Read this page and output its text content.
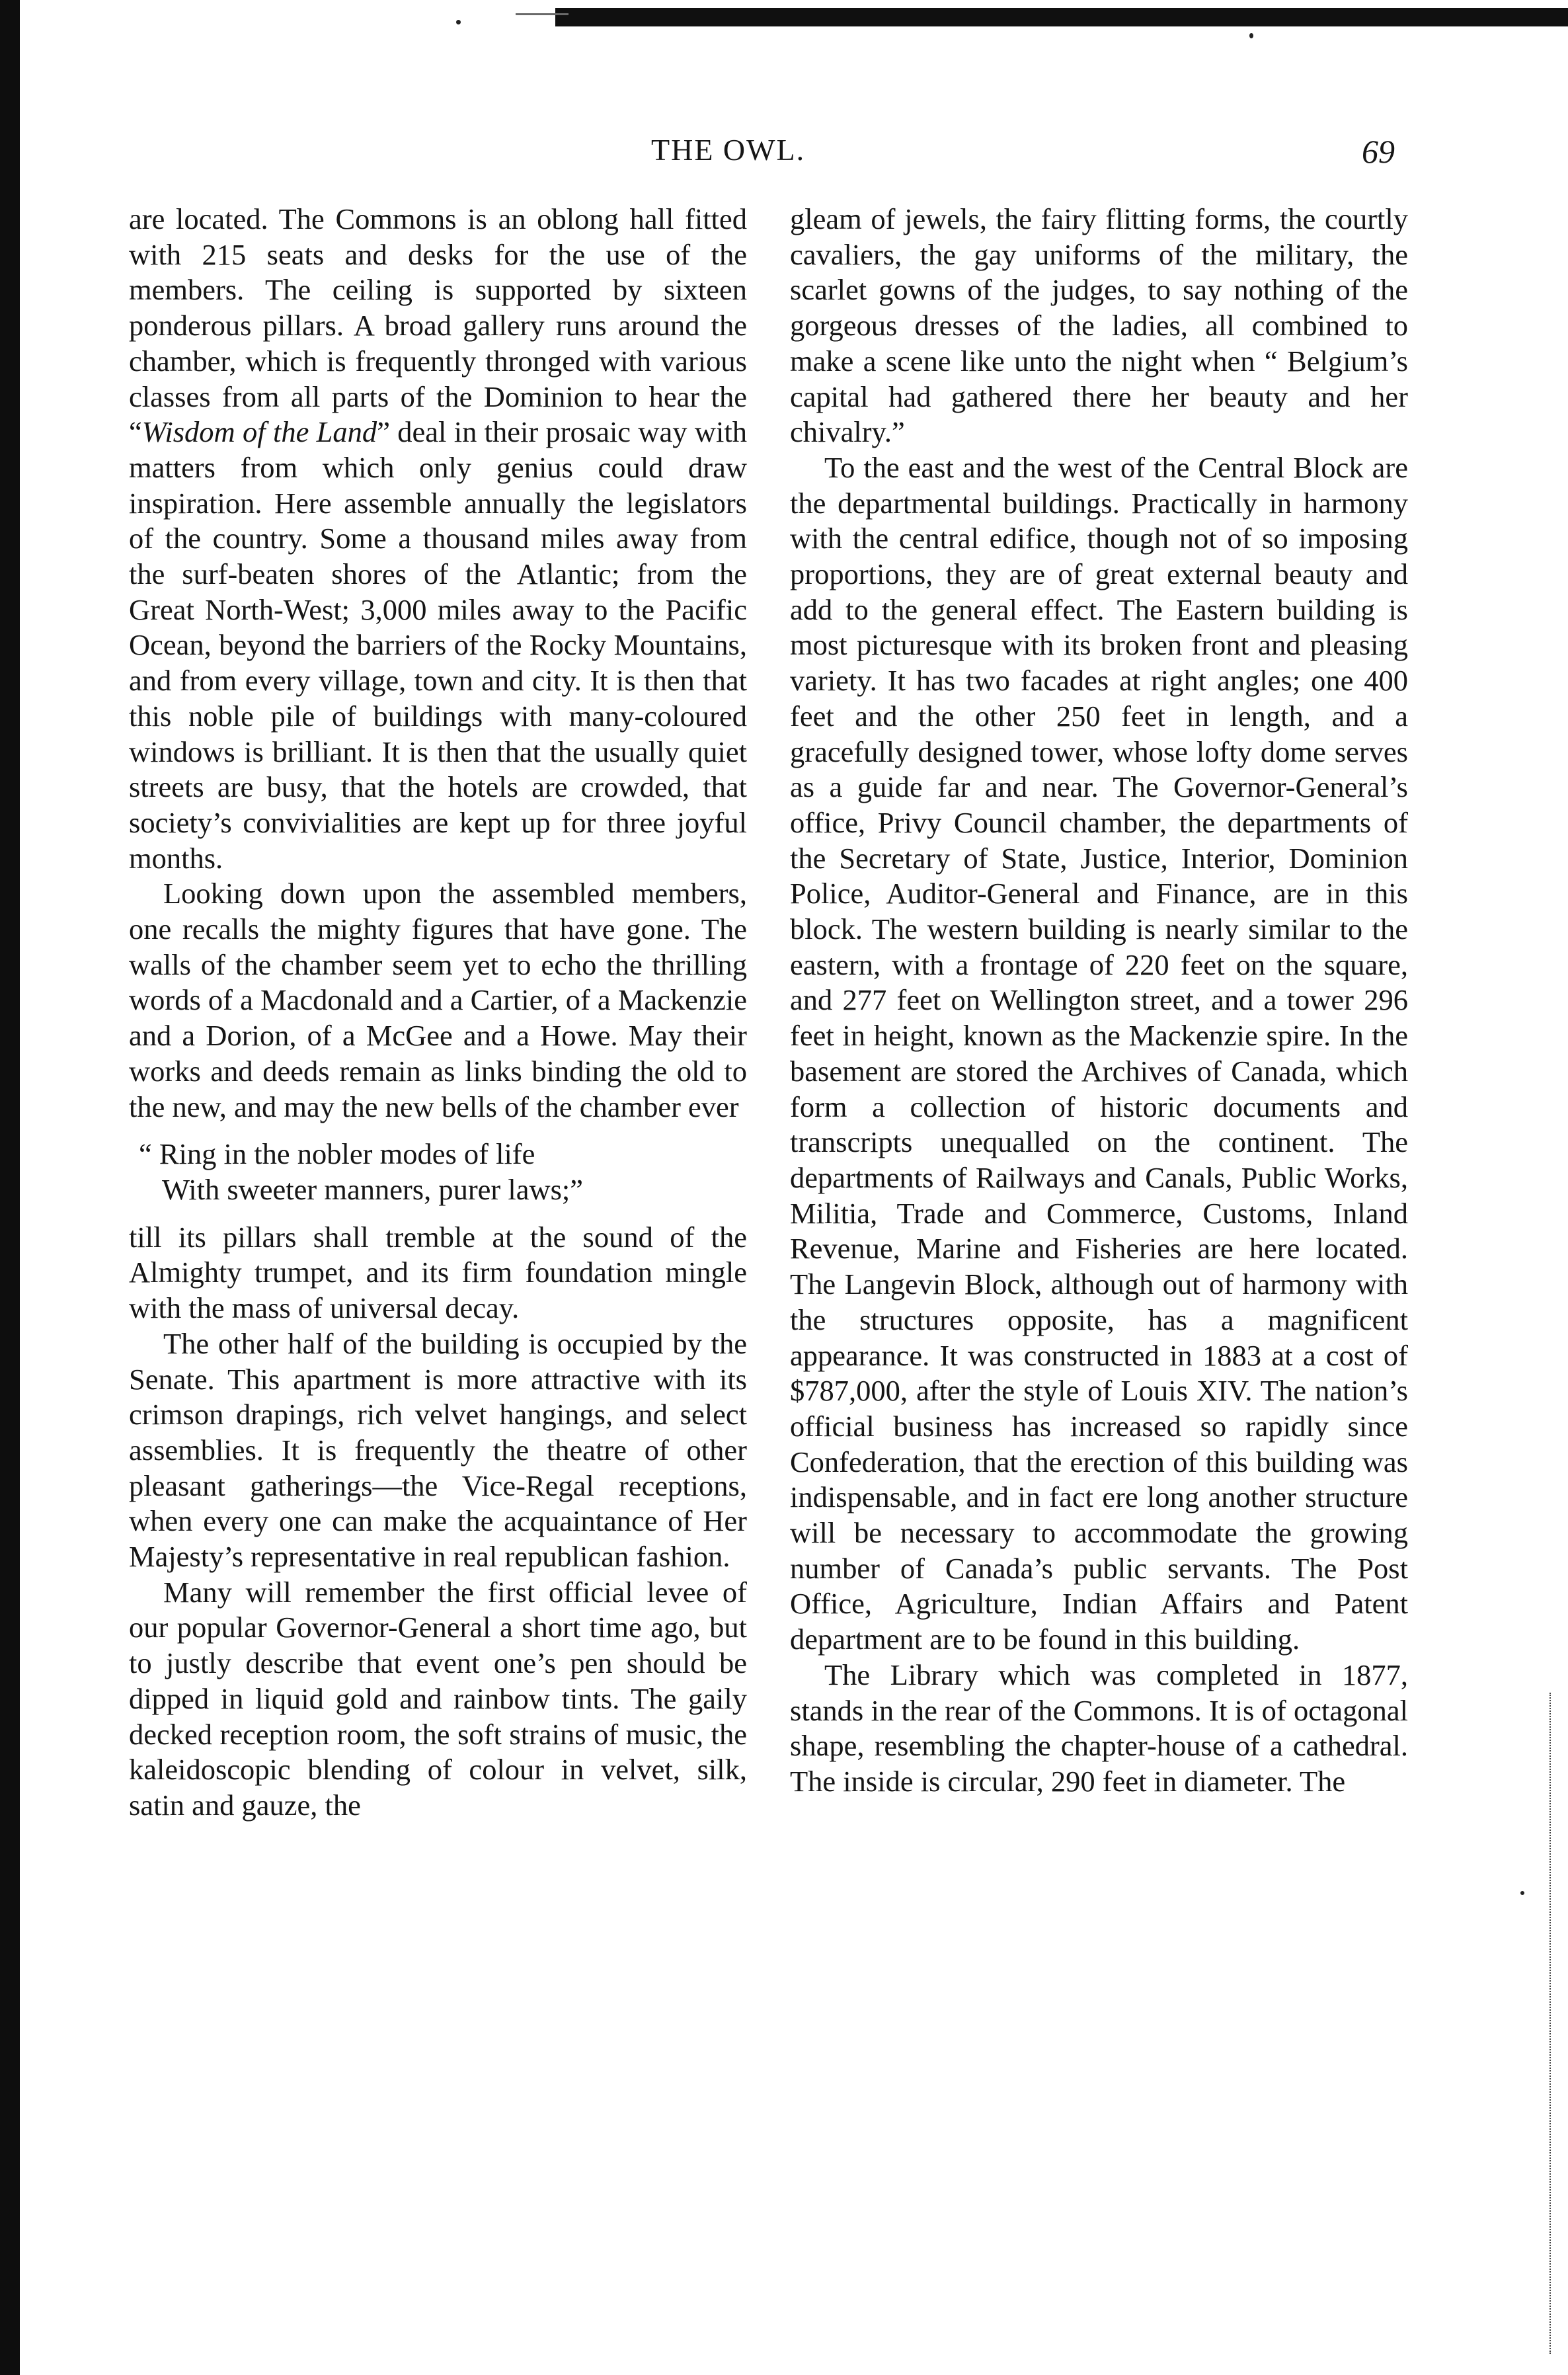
THE OWL.	69

are located. The Commons is an oblong hall fitted with 215 seats and desks for the use of the members. The ceiling is supported by sixteen ponderous pillars. A broad gallery runs around the chamber, which is frequently thronged with various classes from all parts of the Dominion to hear the “Wisdom of the Land” deal in their prosaic way with matters from which only genius could draw inspiration. Here assemble annually the legislators of the country. Some a thousand miles away from the surf-beaten shores of the Atlantic; from the Great North-West; 3,000 miles away to the Pacific Ocean, beyond the barriers of the Rocky Mountains, and from every village, town and city. It is then that this noble pile of buildings with many-coloured windows is brilliant. It is then that the usually quiet streets are busy, that the hotels are crowded, that society’s convivialities are kept up for three joyful months.

Looking down upon the assembled members, one recalls the mighty figures that have gone. The walls of the chamber seem yet to echo the thrilling words of a Macdonald and a Cartier, of a Mackenzie and a Dorion, of a McGee and a Howe. May their works and deeds remain as links binding the old to the new, and may the new bells of the chamber ever

“ Ring in the nobler modes of life
With sweeter manners, purer laws;”

till its pillars shall tremble at the sound of the Almighty trumpet, and its firm foundation mingle with the mass of universal decay.

The other half of the building is occupied by the Senate. This apartment is more attractive with its crimson drapings, rich velvet hangings, and select assemblies. It is frequently the theatre of other pleasant gatherings—the Vice-Regal receptions, when every one can make the acquaintance of Her Majesty’s representative in real republican fashion.

Many will remember the first official levee of our popular Governor-General a short time ago, but to justly describe that event one’s pen should be dipped in liquid gold and rainbow tints. The gaily decked reception room, the soft strains of music, the kaleidoscopic blending of colour in velvet, silk, satin and gauze, the

gleam of jewels, the fairy flitting forms, the courtly cavaliers, the gay uniforms of the military, the scarlet gowns of the judges, to say nothing of the gorgeous dresses of the ladies, all combined to make a scene like unto the night when “ Belgium’s capital had gathered there her beauty and her chivalry.”

To the east and the west of the Central Block are the departmental buildings. Practically in harmony with the central edifice, though not of so imposing proportions, they are of great external beauty and add to the general effect. The Eastern building is most picturesque with its broken front and pleasing variety. It has two facades at right angles; one 400 feet and the other 250 feet in length, and a gracefully designed tower, whose lofty dome serves as a guide far and near. The Governor-General’s office, Privy Council chamber, the departments of the Secretary of State, Justice, Interior, Dominion Police, Auditor-General and Finance, are in this block. The western building is nearly similar to the eastern, with a frontage of 220 feet on the square, and 277 feet on Wellington street, and a tower 296 feet in height, known as the Mackenzie spire. In the basement are stored the Archives of Canada, which form a collection of historic documents and transcripts unequalled on the continent. The departments of Railways and Canals, Public Works, Militia, Trade and Commerce, Customs, Inland Revenue, Marine and Fisheries are here located. The Langevin Block, although out of harmony with the structures opposite, has a magnificent appearance. It was constructed in 1883 at a cost of $787,000, after the style of Louis XIV. The nation’s official business has increased so rapidly since Confederation, that the erection of this building was indispensable, and in fact ere long another structure will be necessary to accommodate the growing number of Canada’s public servants. The Post Office, Agriculture, Indian Affairs and Patent department are to be found in this building.

The Library which was completed in 1877, stands in the rear of the Commons. It is of octagonal shape, resembling the chapter-house of a cathedral. The inside is circular, 290 feet in diameter. The
